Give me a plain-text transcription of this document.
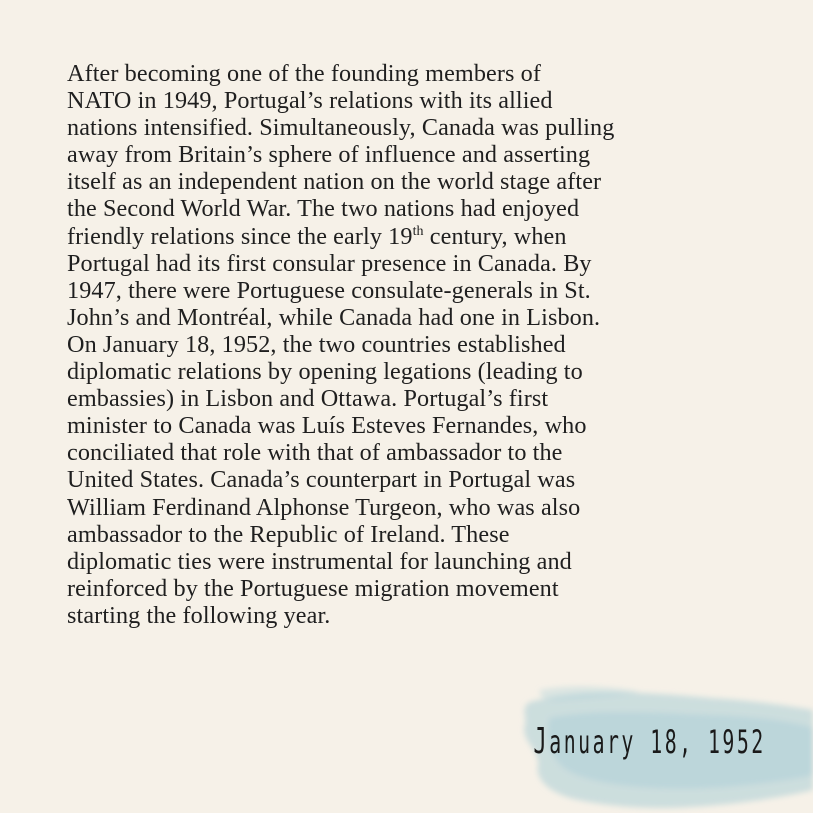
After becoming one of the founding members of
NATO in 1949, Portugal’s relations with its allied
nations intensified. Simultaneously, Canada was pulling
away from Britain’s sphere of influence and asserting
itself as an independent nation on the world stage after
the Second World War. The two nations had enjoyed
friendly relations since the early 19th century, when
Portugal had its first consular presence in Canada. By
1947, there were Portuguese consulate-generals in St.
John’s and Montréal, while Canada had one in Lisbon.
On January 18, 1952, the two countries established
diplomatic relations by opening legations (leading to
embassies) in Lisbon and Ottawa. Portugal’s first
minister to Canada was Luís Esteves Fernandes, who
conciliated that role with that of ambassador to the
United States. Canada’s counterpart in Portugal was
William Ferdinand Alphonse Turgeon, who was also
ambassador to the Republic of Ireland. These
diplomatic ties were instrumental for launching and
reinforced by the Portuguese migration movement
starting the following year.

January 18, 1952
